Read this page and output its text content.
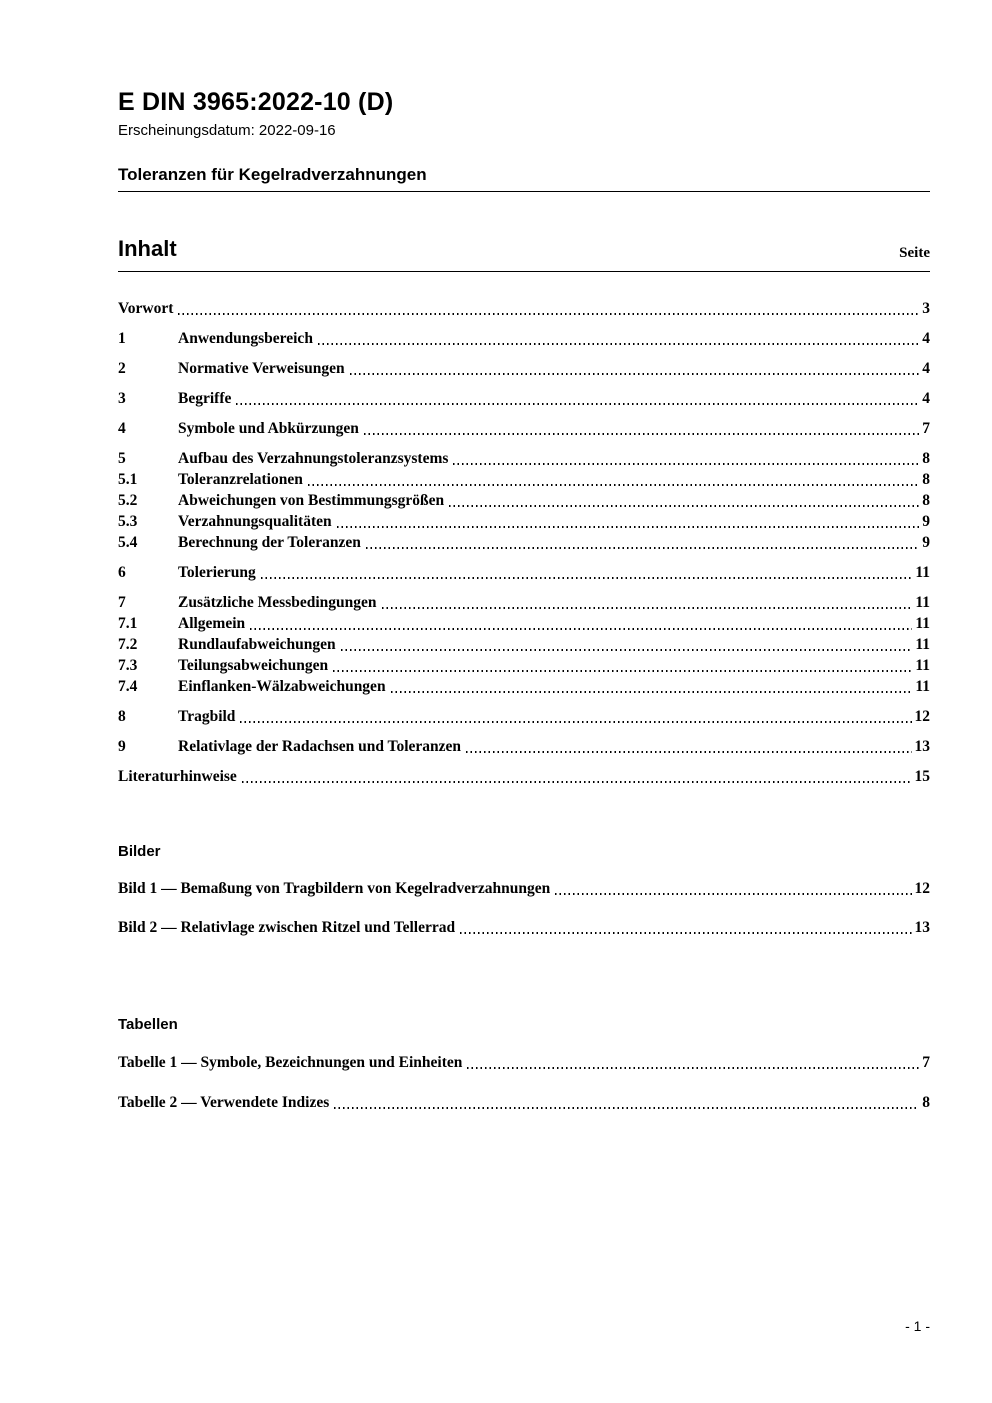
E DIN 3965:2022-10 (D)
Erscheinungsdatum: 2022-09-16
Toleranzen für Kegelradverzahnungen
Inhalt	Seite
Vorwort	3
1	Anwendungsbereich	4
2	Normative Verweisungen	4
3	Begriffe	4
4	Symbole und Abkürzungen	7
5	Aufbau des Verzahnungstoleranzsystems	8
5.1	Toleranzrelationen	8
5.2	Abweichungen von Bestimmungsgrößen	8
5.3	Verzahnungsqualitäten	9
5.4	Berechnung der Toleranzen	9
6	Tolerierung	11
7	Zusätzliche Messbedingungen	11
7.1	Allgemein	11
7.2	Rundlaufabweichungen	11
7.3	Teilungsabweichungen	11
7.4	Einflanken-Wälzabweichungen	11
8	Tragbild	12
9	Relativlage der Radachsen und Toleranzen	13
Literaturhinweise	15
Bilder
Bild 1 — Bemaßung von Tragbildern von Kegelradverzahnungen	12
Bild 2 — Relativlage zwischen Ritzel und Tellerrad	13
Tabellen
Tabelle 1 — Symbole, Bezeichnungen und Einheiten	7
Tabelle 2 — Verwendete Indizes	8
- 1 -
